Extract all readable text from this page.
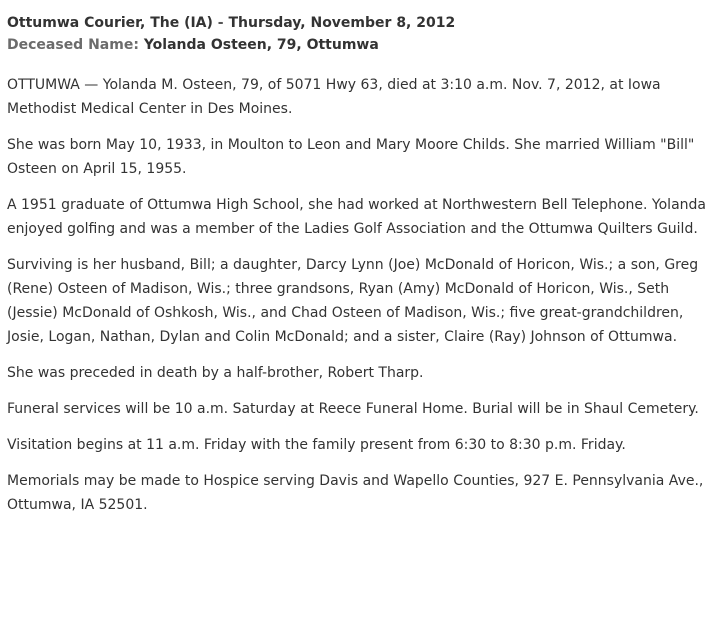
Ottumwa Courier, The (IA) - Thursday, November 8, 2012
Deceased Name: Yolanda Osteen, 79, Ottumwa

OTTUMWA — Yolanda M. Osteen, 79, of 5071 Hwy 63, died at 3:10 a.m. Nov. 7, 2012, at Iowa Methodist Medical Center in Des Moines.

She was born May 10, 1933, in Moulton to Leon and Mary Moore Childs. She married William "Bill" Osteen on April 15, 1955.

A 1951 graduate of Ottumwa High School, she had worked at Northwestern Bell Telephone. Yolanda enjoyed golfing and was a member of the Ladies Golf Association and the Ottumwa Quilters Guild.

Surviving is her husband, Bill; a daughter, Darcy Lynn (Joe) McDonald of Horicon, Wis.; a son, Greg (Rene) Osteen of Madison, Wis.; three grandsons, Ryan (Amy) McDonald of Horicon, Wis., Seth (Jessie) McDonald of Oshkosh, Wis., and Chad Osteen of Madison, Wis.; five great-grandchildren, Josie, Logan, Nathan, Dylan and Colin McDonald; and a sister, Claire (Ray) Johnson of Ottumwa.

She was preceded in death by a half-brother, Robert Tharp.

Funeral services will be 10 a.m. Saturday at Reece Funeral Home. Burial will be in Shaul Cemetery.

Visitation begins at 11 a.m. Friday with the family present from 6:30 to 8:30 p.m. Friday.

Memorials may be made to Hospice serving Davis and Wapello Counties, 927 E. Pennsylvania Ave., Ottumwa, IA 52501.
